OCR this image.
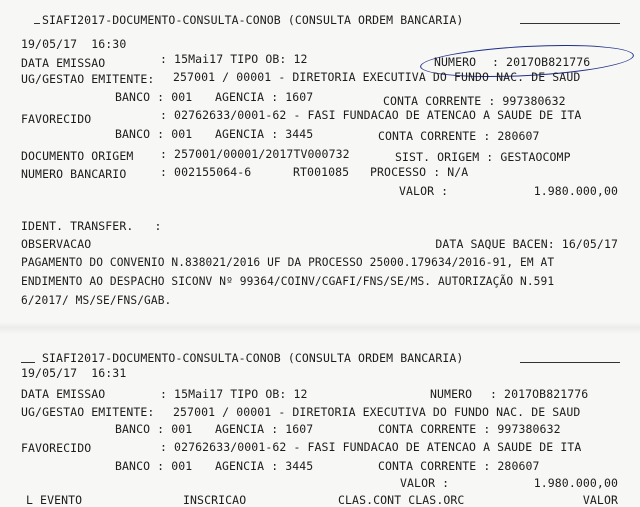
SIAFI2017-DOCUMENTO-CONSULTA-CONOB (CONSULTA ORDEM BANCARIA)
19/05/17  16:30
DATA EMISSAO	: 15Mai17 TIPO OB: 12	NUMERO : 2017OB821776
UG/GESTAO EMITENTE: 257001 / 00001 - DIRETORIA EXECUTIVA DO FUNDO NAC. DE SAUD
BANCO : 001 AGENCIA : 1607	CONTA CORRENTE : 997380632
FAVORECIDO	: 02762633/0001-62 - FASI FUNDACAO DE ATENCAO A SAUDE DE ITA
BANCO : 001 AGENCIA : 3445	CONTA CORRENTE : 280607
DOCUMENTO ORIGEM : 257001/00001/2017TV000732	SIST. ORIGEM : GESTAOCOMP
NUMERO BANCARIO	: 002155064-6	RT001085 PROCESSO : N/A
VALOR :	1.980.000,00
IDENT. TRANSFER.   :
OBSERVACAO	DATA SAQUE BACEN: 16/05/17
PAGAMENTO DO CONVENIO N.838021/2016 UF DA PROCESSO 25000.179634/2016-91, EM AT
ENDIMENTO AO DESPACHO SICONV Nº 99364/COINV/CGAFI/FNS/SE/MS. AUTORIZAÇÃO N.591
6/2017/ MS/SE/FNS/GAB.
SIAFI2017-DOCUMENTO-CONSULTA-CONOB (CONSULTA ORDEM BANCARIA)
19/05/17  16:31
DATA EMISSAO	: 15Mai17 TIPO OB: 12	NUMERO : 2017OB821776
UG/GESTAO EMITENTE: 257001 / 00001 - DIRETORIA EXECUTIVA DO FUNDO NAC. DE SAUD
BANCO : 001 AGENCIA : 1607	CONTA CORRENTE : 997380632
FAVORECIDO	: 02762633/0001-62 - FASI FUNDACAO DE ATENCAO A SAUDE DE ITA
BANCO : 001 AGENCIA : 3445	CONTA CORRENTE : 280607
VALOR :	1.980.000,00
L EVENTO	INSCRICAO	CLAS.CONT CLAS.ORC	VALOR
